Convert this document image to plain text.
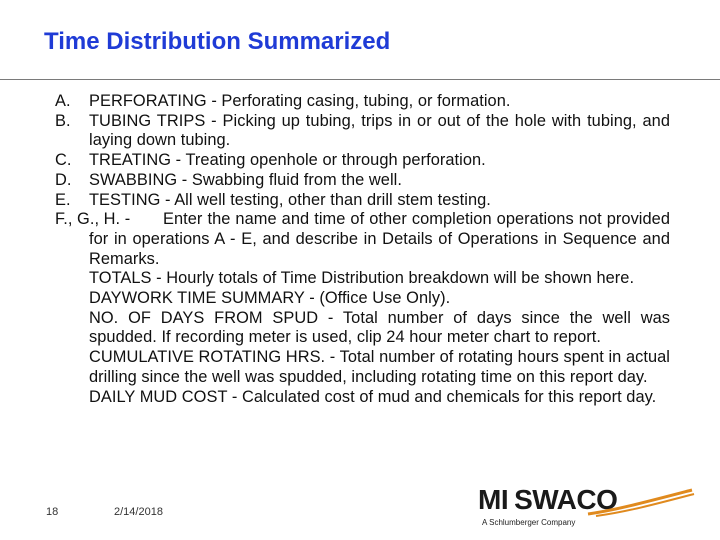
Time Distribution Summarized
A.	PERFORATING - Perforating casing, tubing, or formation.
B.	TUBING TRIPS - Picking up tubing, trips in or out of the hole with tubing, and laying down tubing.
C.	TREATING - Treating openhole or through perforation.
D.	SWABBING - Swabbing fluid from the well.
E.	TESTING - All well testing, other than drill stem testing.
F., G., H. -	Enter the name and time of other completion operations not provided for in operations A - E, and describe in Details of Operations in Sequence and Remarks.
TOTALS - Hourly totals of Time Distribution breakdown will be shown here.
DAYWORK TIME SUMMARY - (Office Use Only).
NO. OF DAYS FROM SPUD - Total number of days since the well was spudded. If recording meter is used, clip 24 hour meter chart to report.
CUMULATIVE ROTATING HRS. - Total number of rotating hours spent in actual drilling since the well was spudded, including rotating time on this report day.
DAILY MUD COST - Calculated cost of mud and chemicals for this report day.
18	2/14/2018	MI SWACO
A Schlumberger Company
